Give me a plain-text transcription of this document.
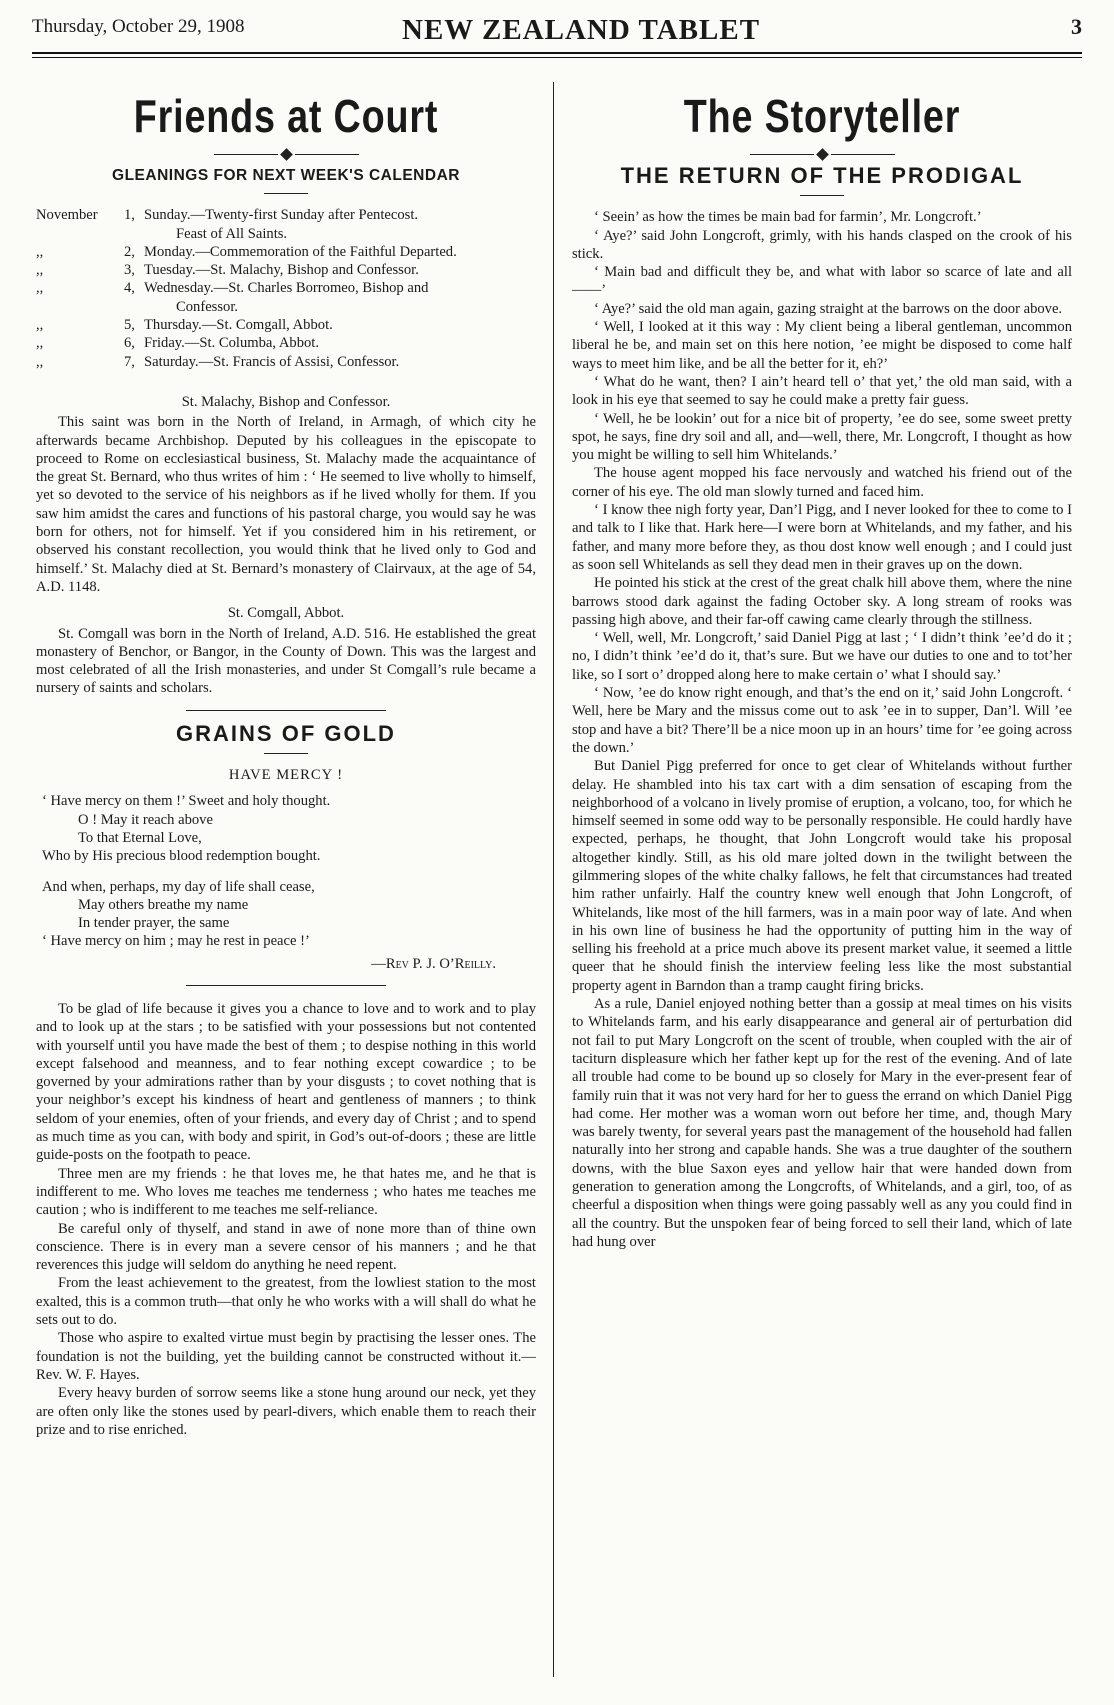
Thursday, October 29, 1908	NEW ZEALAND TABLET	3
Friends at Court
GLEANINGS FOR NEXT WEEK'S CALENDAR
November	1, Sunday.—Twenty-first Sunday after Pentecost.
Feast of All Saints.
,,	2, Monday.—Commemoration of the Faithful Departed.
,,	3, Tuesday.—St. Malachy, Bishop and Confessor.
,,	4, Wednesday.—St. Charles Borromeo, Bishop and
Confessor.
,,	5, Thursday.—St. Comgall, Abbot.
,,	6, Friday.—St. Columba, Abbot.
,,	7, Saturday.—St. Francis of Assisi, Confessor.
St. Malachy, Bishop and Confessor.

This saint was born in the North of Ireland, in Armagh, of which city he afterwards became Archbishop. Deputed by his colleagues in the episcopate to proceed to Rome on ecclesiastical business, St. Malachy made the acquaintance of the great St. Bernard, who thus writes of him : ‘ He seemed to live wholly to himself, yet so devoted to the service of his neighbors as if he lived wholly for them. If you saw him amidst the cares and functions of his pastoral charge, you would say he was born for others, not for himself. Yet if you considered him in his retirement, or observed his constant recollection, you would think that he lived only to God and himself.’ St. Malachy died at St. Bernard’s monastery of Clairvaux, at the age of 54, A.D. 1148.

St. Comgall, Abbot.

St. Comgall was born in the North of Ireland, A.D. 516. He established the great monastery of Benchor, or Bangor, in the County of Down. This was the largest and most celebrated of all the Irish monasteries, and under St Comgall’s rule became a nursery of saints and scholars.

GRAINS OF GOLD
HAVE MERCY !
‘ Have mercy on them !’ Sweet and holy thought.
O ! May it reach above
To that Eternal Love,
Who by His precious blood redemption bought.
And when, perhaps, my day of life shall cease,
May others breathe my name
In tender prayer, the same
‘ Have mercy on him ; may he rest in peace !’
—Rev P. J. O’Reilly.

To be glad of life because it gives you a chance to love and to work and to play and to look up at the stars ; to be satisfied with your possessions but not contented with yourself until you have made the best of them ; to despise nothing in this world except falsehood and meanness, and to fear nothing except cowardice ; to be governed by your admirations rather than by your disgusts ; to covet nothing that is your neighbor’s except his kindness of heart and gentleness of manners ; to think seldom of your enemies, often of your friends, and every day of Christ ; and to spend as much time as you can, with body and spirit, in God’s out-of-doors ; these are little guide-posts on the footpath to peace.

Three men are my friends : he that loves me, he that hates me, and he that is indifferent to me. Who loves me teaches me tenderness ; who hates me teaches me caution ; who is indifferent to me teaches me self-reliance.

Be careful only of thyself, and stand in awe of none more than of thine own conscience. There is in every man a severe censor of his manners ; and he that reverences this judge will seldom do anything he need repent.

From the least achievement to the greatest, from the lowliest station to the most exalted, this is a common truth—that only he who works with a will shall do what he sets out to do.

Those who aspire to exalted virtue must begin by practising the lesser ones. The foundation is not the building, yet the building cannot be constructed without it.—Rev. W. F. Hayes.

Every heavy burden of sorrow seems like a stone hung around our neck, yet they are often only like the stones used by pearl-divers, which enable them to reach their prize and to rise enriched.

The Storyteller
THE RETURN OF THE PRODIGAL

‘ Seein’ as how the times be main bad for farmin’, Mr. Longcroft.’

‘ Aye?’ said John Longcroft, grimly, with his hands clasped on the crook of his stick.

‘ Main bad and difficult they be, and what with labor so scarce of late and all——’

‘ Aye?’ said the old man again, gazing straight at the barrows on the door above.

‘ Well, I looked at it this way : My client being a liberal gentleman, uncommon liberal he be, and main set on this here notion, ’ee might be disposed to come half ways to meet him like, and be all the better for it, eh?’

‘ What do he want, then? I ain’t heard tell o’ that yet,’ the old man said, with a look in his eye that seemed to say he could make a pretty fair guess.

‘ Well, he be lookin’ out for a nice bit of property, ’ee do see, some sweet pretty spot, he says, fine dry soil and all, and—well, there, Mr. Longcroft, I thought as how you might be willing to sell him Whitelands.’

The house agent mopped his face nervously and watched his friend out of the corner of his eye. The old man slowly turned and faced him.

‘ I know thee nigh forty year, Dan’l Pigg, and I never looked for thee to come to I and talk to I like that. Hark here—I were born at Whitelands, and my father, and his father, and many more before they, as thou dost know well enough ; and I could just as soon sell Whitelands as sell they dead men in their graves up on the down.

He pointed his stick at the crest of the great chalk hill above them, where the nine barrows stood dark against the fading October sky. A long stream of rooks was passing high above, and their far-off cawing came clearly through the stillness.

‘ Well, well, Mr. Longcroft,’ said Daniel Pigg at last ; ‘ I didn’t think ’ee’d do it ; no, I didn’t think ’ee’d do it, that’s sure. But we have our duties to one and to tot’her like, so I sort o’ dropped along here to make certain o’ what I should say.’

‘ Now, ’ee do know right enough, and that’s the end on it,’ said John Longcroft. ‘ Well, here be Mary and the missus come out to ask ’ee in to supper, Dan’l. Will ’ee stop and have a bit? There’ll be a nice moon up in an hours’ time for ’ee going across the down.’

But Daniel Pigg preferred for once to get clear of Whitelands without further delay. He shambled into his tax cart with a dim sensation of escaping from the neighborhood of a volcano in lively promise of eruption, a volcano, too, for which he himself seemed in some odd way to be personally responsible. He could hardly have expected, perhaps, he thought, that John Longcroft would take his proposal altogether kindly. Still, as his old mare jolted down in the twilight between the gilmmering slopes of the white chalky fallows, he felt that circumstances had treated him rather unfairly. Half the country knew well enough that John Longcroft, of Whitelands, like most of the hill farmers, was in a main poor way of late. And when in his own line of business he had the opportunity of putting him in the way of selling his freehold at a price much above its present market value, it seemed a little queer that he should finish the interview feeling less like the most substantial property agent in Barndon than a tramp caught firing bricks.

As a rule, Daniel enjoyed nothing better than a gossip at meal times on his visits to Whitelands farm, and his early disappearance and general air of perturbation did not fail to put Mary Longcroft on the scent of trouble, when coupled with the air of taciturn displeasure which her father kept up for the rest of the evening. And of late all trouble had come to be bound up so closely for Mary in the ever-present fear of family ruin that it was not very hard for her to guess the errand on which Daniel Pigg had come. Her mother was a woman worn out before her time, and, though Mary was barely twenty, for several years past the management of the household had fallen naturally into her strong and capable hands. She was a true daughter of the southern downs, with the blue Saxon eyes and yellow hair that were handed down from generation to generation among the Longcrofts, of Whitelands, and a girl, too, of as cheerful a disposition when things were going passably well as any you could find in all the country. But the unspoken fear of being forced to sell their land, which of late had hung over
